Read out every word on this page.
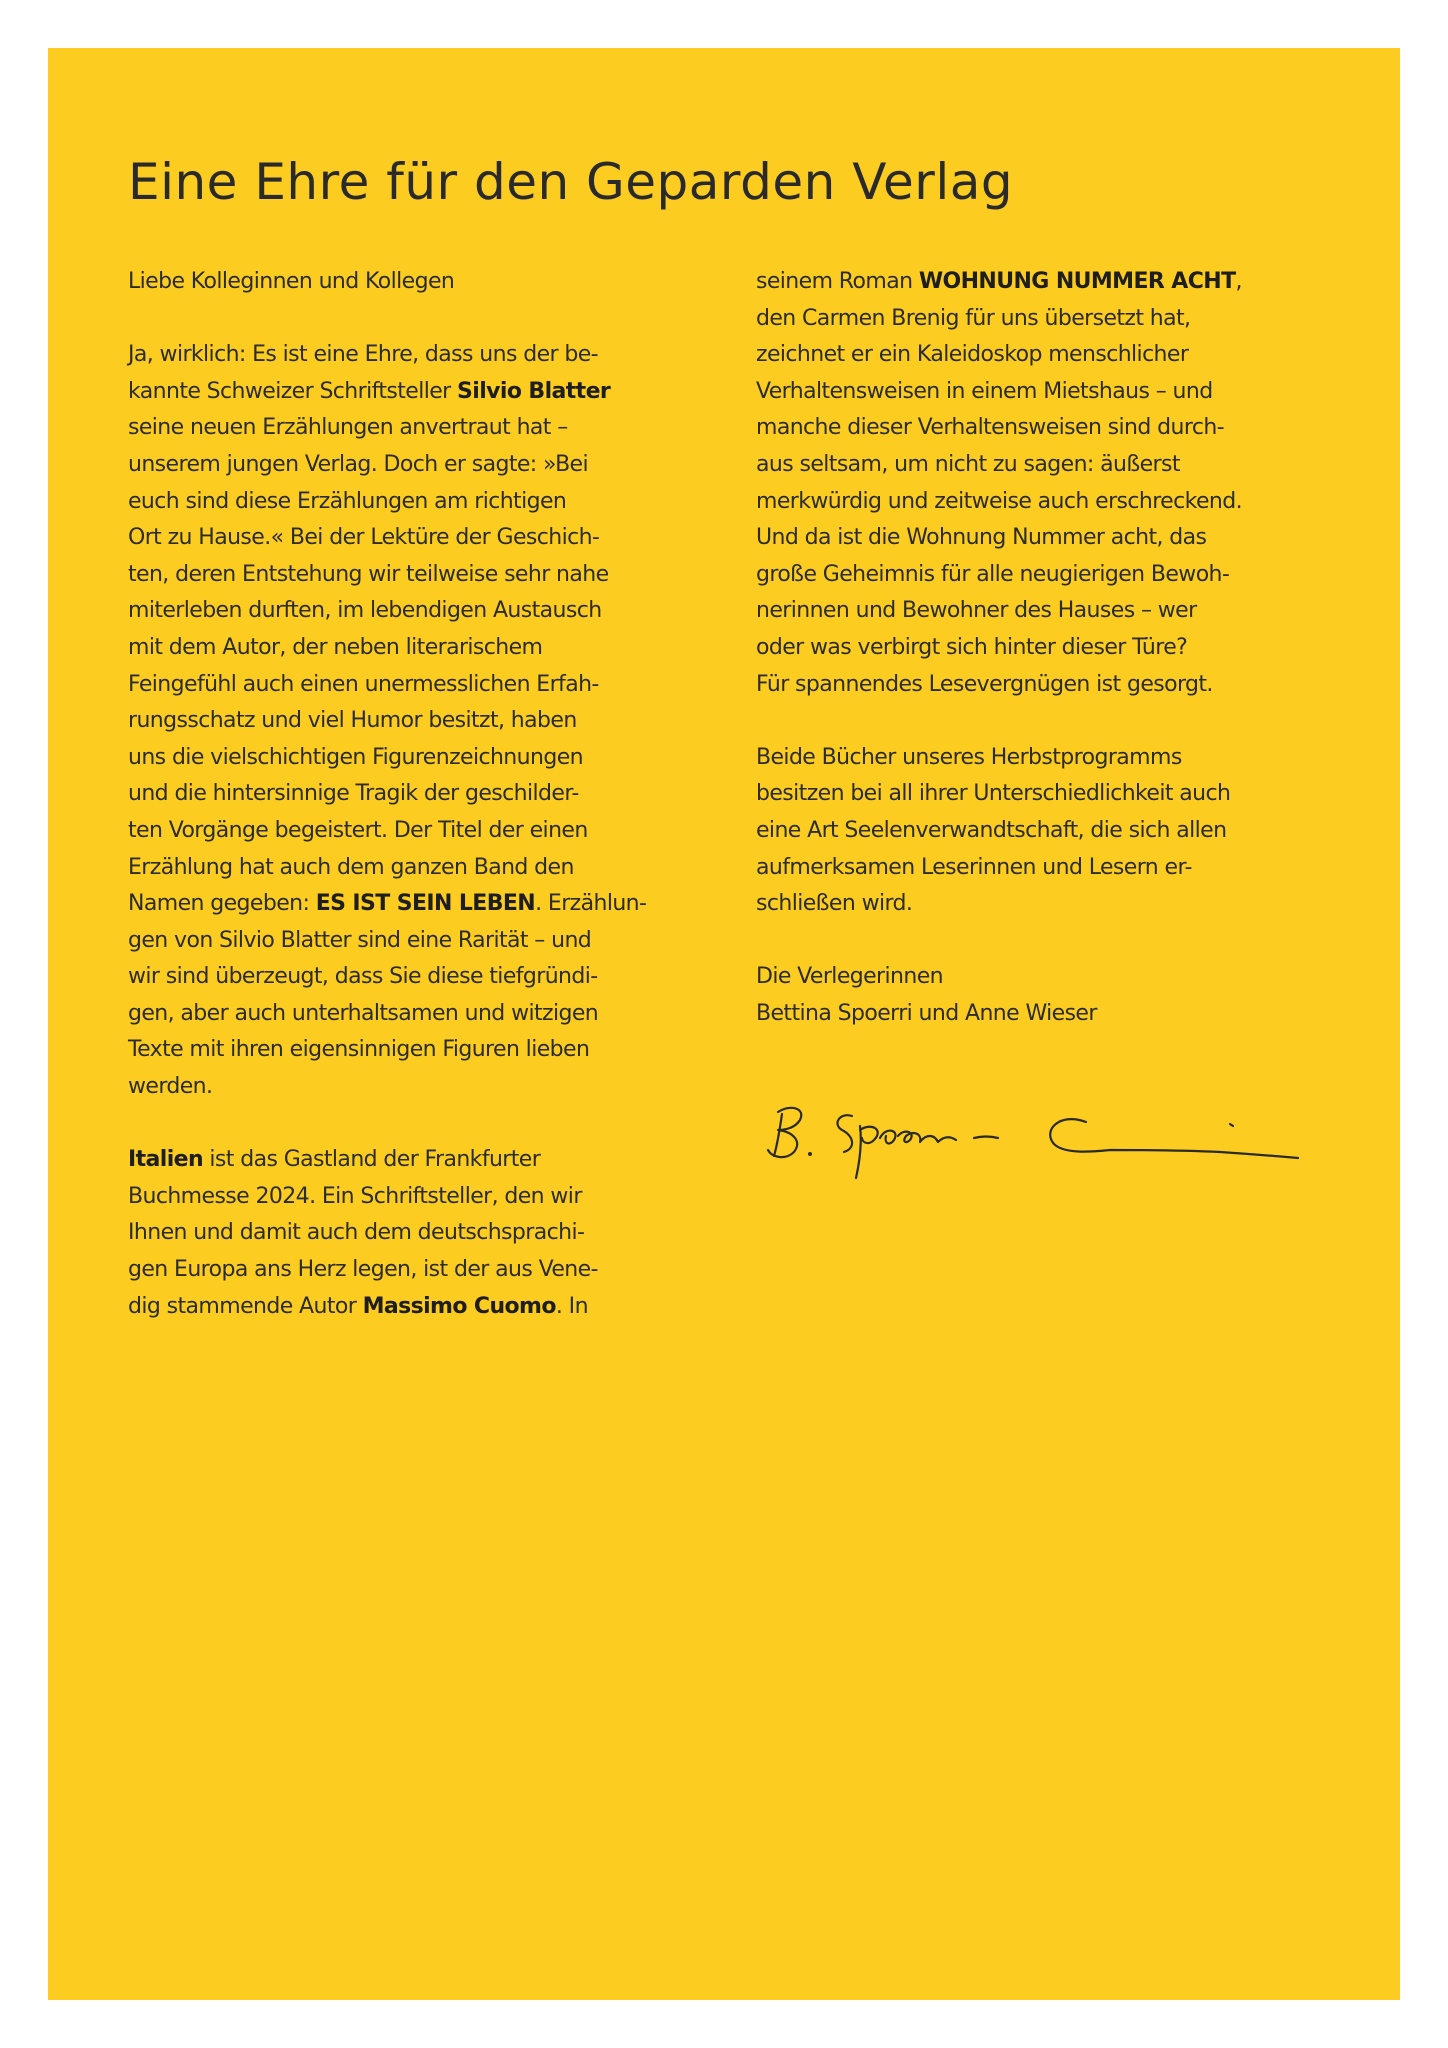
Eine Ehre für den Geparden Verlag

Liebe Kolleginnen und Kollegen

Ja, wirklich: Es ist eine Ehre, dass uns der be-
kannte Schweizer Schriftsteller Silvio Blatter
seine neuen Erzählungen anvertraut hat –
unserem jungen Verlag. Doch er sagte: »Bei
euch sind diese Erzählungen am richtigen
Ort zu Hause.« Bei der Lektüre der Geschich-
ten, deren Entstehung wir teilweise sehr nahe
miterleben durften, im lebendigen Austausch
mit dem Autor, der neben literarischem
Feingefühl auch einen unermesslichen Erfah-
rungsschatz und viel Humor besitzt, haben
uns die vielschichtigen Figurenzeichnungen
und die hintersinnige Tragik der geschilder-
ten Vorgänge begeistert. Der Titel der einen
Erzählung hat auch dem ganzen Band den
Namen gegeben: ES IST SEIN LEBEN. Erzählun-
gen von Silvio Blatter sind eine Rarität – und
wir sind überzeugt, dass Sie diese tiefgründi-
gen, aber auch unterhaltsamen und witzigen
Texte mit ihren eigensinnigen Figuren lieben
werden.

Italien ist das Gastland der Frankfurter
Buchmesse 2024. Ein Schriftsteller, den wir
Ihnen und damit auch dem deutschsprachi-
gen Europa ans Herz legen, ist der aus Vene-
dig stammende Autor Massimo Cuomo. In

seinem Roman WOHNUNG NUMMER ACHT,
den Carmen Brenig für uns übersetzt hat,
zeichnet er ein Kaleidoskop menschlicher
Verhaltensweisen in einem Mietshaus – und
manche dieser Verhaltensweisen sind durch-
aus seltsam, um nicht zu sagen: äußerst
merkwürdig und zeitweise auch erschreckend.
Und da ist die Wohnung Nummer acht, das
große Geheimnis für alle neugierigen Bewoh-
nerinnen und Bewohner des Hauses – wer
oder was verbirgt sich hinter dieser Türe?
Für spannendes Lesevergnügen ist gesorgt.

Beide Bücher unseres Herbstprogramms
besitzen bei all ihrer Unterschiedlichkeit auch
eine Art Seelenverwandtschaft, die sich allen
aufmerksamen Leserinnen und Lesern er-
schließen wird.

Die Verlegerinnen
Bettina Spoerri und Anne Wieser
